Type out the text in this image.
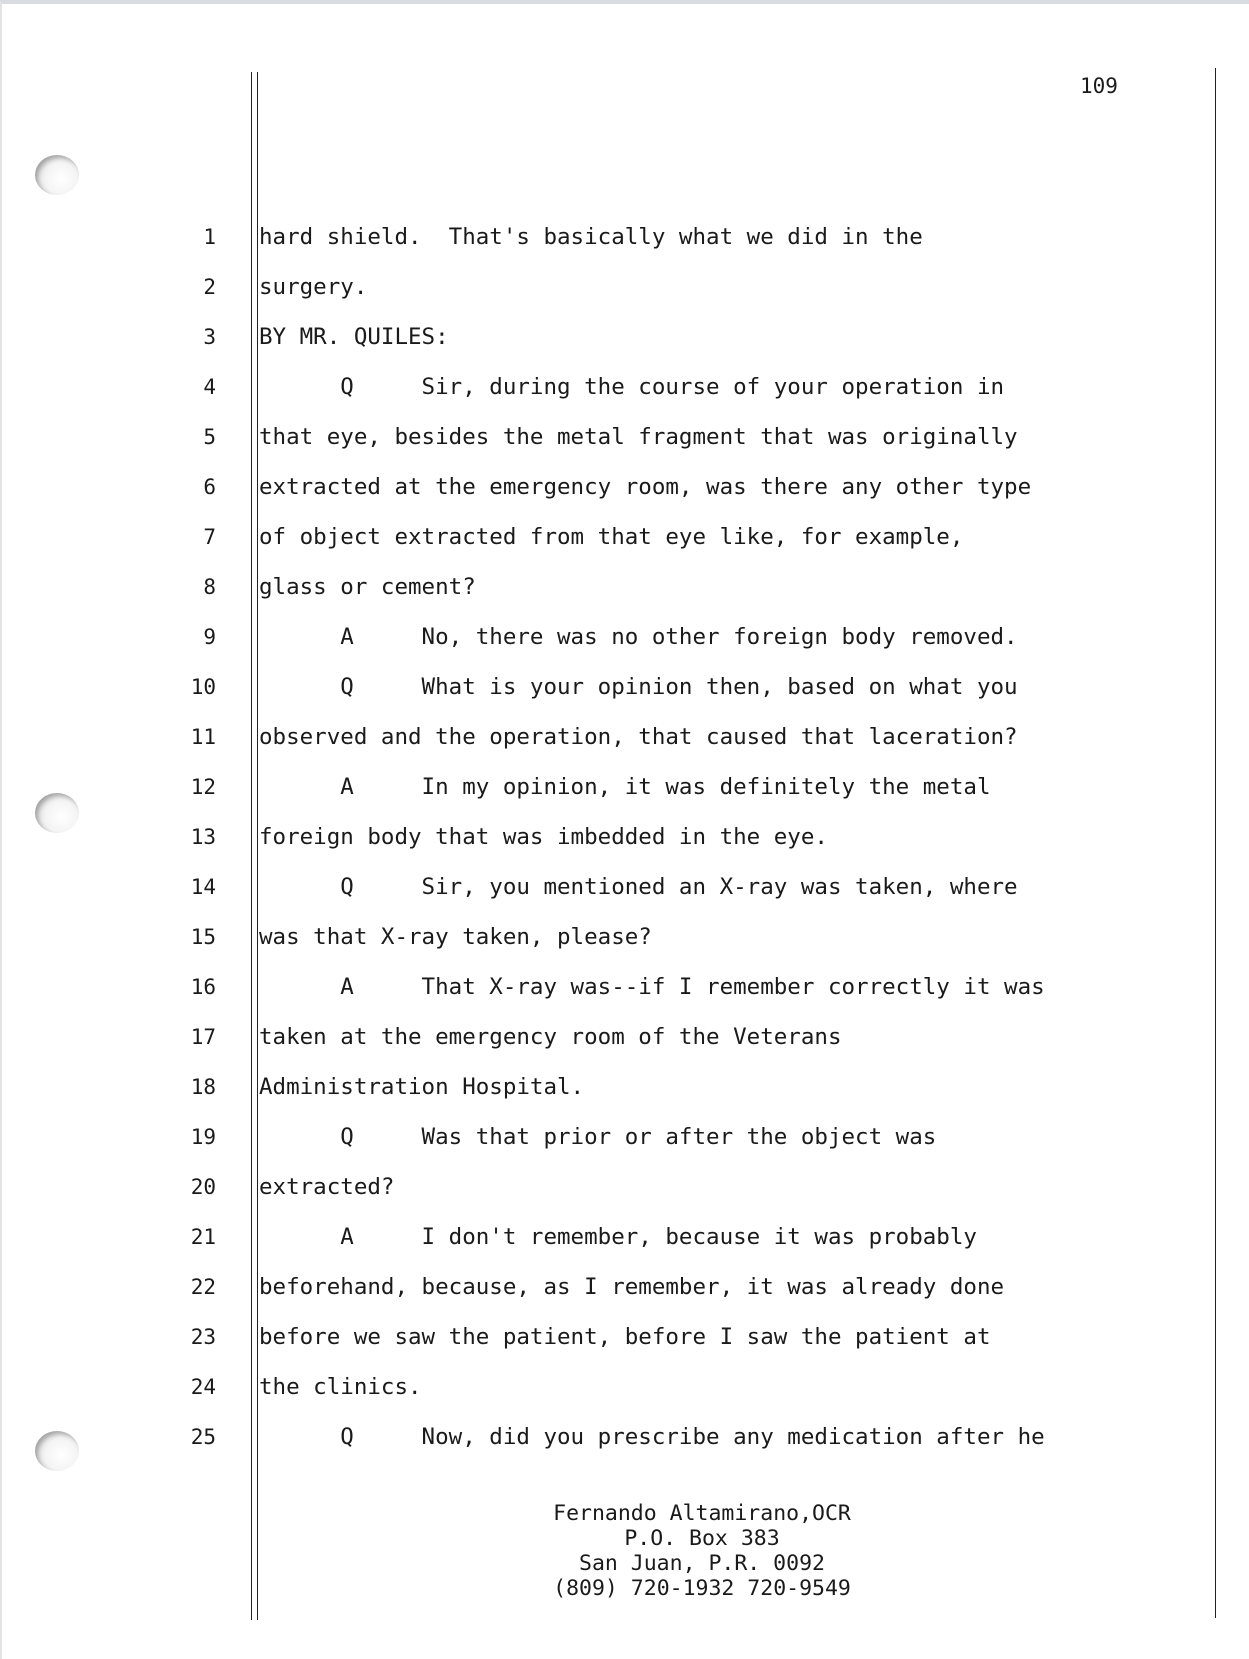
109
1 hard shield.  That's basically what we did in the
2 surgery.
3 BY MR. QUILES:
4 Q     Sir, during the course of your operation in
5 that eye, besides the metal fragment that was originally
6 extracted at the emergency room, was there any other type
7 of object extracted from that eye like, for example,
8 glass or cement?
9 A     No, there was no other foreign body removed.
10 Q     What is your opinion then, based on what you
11 observed and the operation, that caused that laceration?
12 A     In my opinion, it was definitely the metal
13 foreign body that was imbedded in the eye.
14 Q     Sir, you mentioned an X-ray was taken, where
15 was that X-ray taken, please?
16 A     That X-ray was--if I remember correctly it was
17 taken at the emergency room of the Veterans
18 Administration Hospital.
19 Q     Was that prior or after the object was
20 extracted?
21 A     I don't remember, because it was probably
22 beforehand, because, as I remember, it was already done
23 before we saw the patient, before I saw the patient at
24 the clinics.
25 Q     Now, did you prescribe any medication after he
Fernando Altamirano,OCR
P.O. Box 383
San Juan, P.R. 0092
(809) 720-1932 720-9549
